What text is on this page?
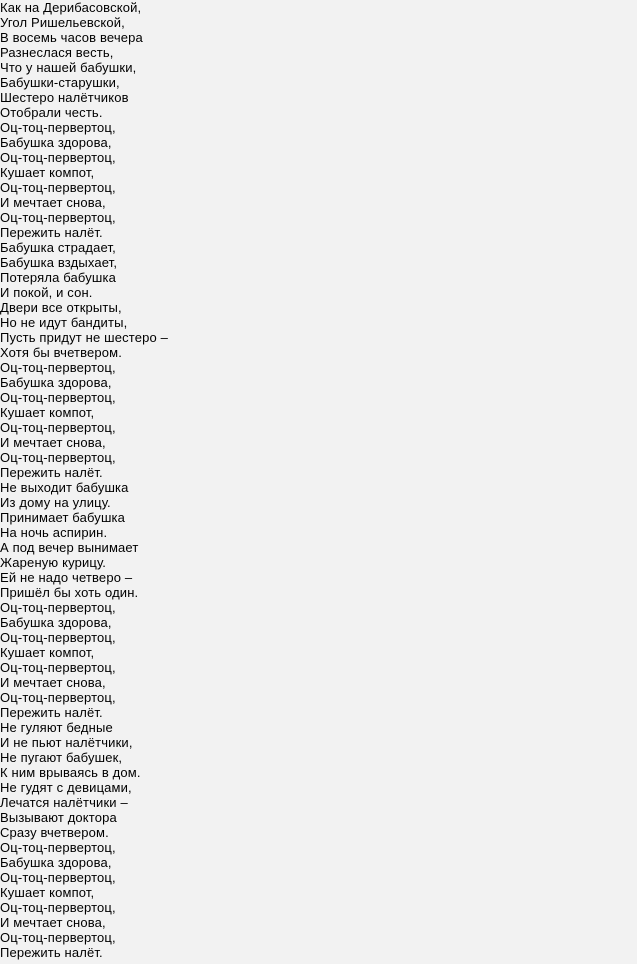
Как на Дерибасовской,
Угол Ришельевской,
В восемь часов вечера
Разнеслася весть,
Что у нашей бабушки,
Бабушки-старушки,
Шестеро налётчиков
Отобрали честь.
Оц-тоц-первертоц,
Бабушка здорова,
Оц-тоц-первертоц,
Кушает компот,
Оц-тоц-первертоц,
И мечтает снова,
Оц-тоц-первертоц,
Пережить налёт.
Бабушка страдает,
Бабушка вздыхает,
Потеряла бабушка
И покой, и сон.
Двери все открыты,
Но не идут бандиты,
Пусть придут не шестеро –
Хотя бы вчетвером.
Оц-тоц-первертоц,
Бабушка здорова,
Оц-тоц-первертоц,
Кушает компот,
Оц-тоц-первертоц,
И мечтает снова,
Оц-тоц-первертоц,
Пережить налёт.
Не выходит бабушка
Из дому на улицу.
Принимает бабушка
На ночь аспирин.
А под вечер вынимает
Жареную курицу.
Ей не надо четверо –
Пришёл бы хоть один.
Оц-тоц-первертоц,
Бабушка здорова,
Оц-тоц-первертоц,
Кушает компот,
Оц-тоц-первертоц,
И мечтает снова,
Оц-тоц-первертоц,
Пережить налёт.
Не гуляют бедные
И не пьют налётчики,
Не пугают бабушек,
К ним врываясь в дом.
Не гудят с девицами,
Лечатся налётчики –
Вызывают доктора
Сразу вчетвером.
Оц-тоц-первертоц,
Бабушка здорова,
Оц-тоц-первертоц,
Кушает компот,
Оц-тоц-первертоц,
И мечтает снова,
Оц-тоц-первертоц,
Пережить налёт.
